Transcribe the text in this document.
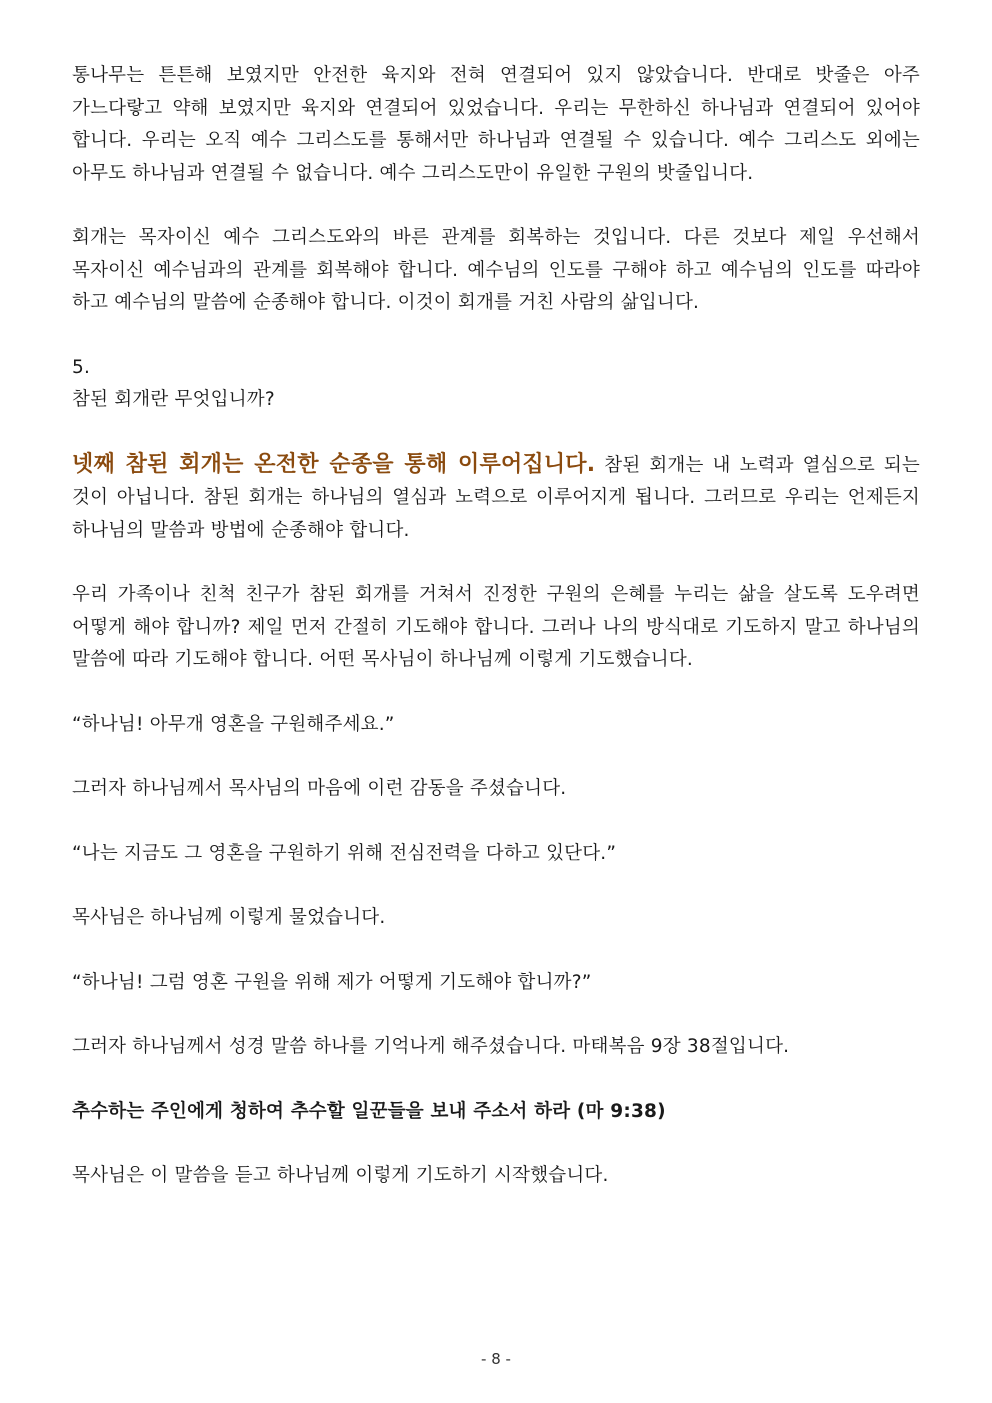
통나무는 튼튼해 보였지만 안전한 육지와 전혀 연결되어 있지 않았습니다. 반대로 밧줄은 아주 가느다랗고 약해 보였지만 육지와 연결되어 있었습니다. 우리는 무한하신 하나님과 연결되어 있어야 합니다. 우리는 오직 예수 그리스도를 통해서만 하나님과 연결될 수 있습니다. 예수 그리스도 외에는 아무도 하나님과 연결될 수 없습니다. 예수 그리스도만이 유일한 구원의 밧줄입니다.

회개는 목자이신 예수 그리스도와의 바른 관계를 회복하는 것입니다. 다른 것보다 제일 우선해서 목자이신 예수님과의 관계를 회복해야 합니다. 예수님의 인도를 구해야 하고 예수님의 인도를 따라야 하고 예수님의 말씀에 순종해야 합니다. 이것이 회개를 거친 사람의 삶입니다.

5.

참된 회개란 무엇입니까?

넷째 참된 회개는 온전한 순종을 통해 이루어집니다. 참된 회개는 내 노력과 열심으로 되는 것이 아닙니다. 참된 회개는 하나님의 열심과 노력으로 이루어지게 됩니다. 그러므로 우리는 언제든지 하나님의 말씀과 방법에 순종해야 합니다.

우리 가족이나 친척 친구가 참된 회개를 거쳐서 진정한 구원의 은혜를 누리는 삶을 살도록 도우려면 어떻게 해야 합니까? 제일 먼저 간절히 기도해야 합니다. 그러나 나의 방식대로 기도하지 말고 하나님의 말씀에 따라 기도해야 합니다. 어떤 목사님이 하나님께 이렇게 기도했습니다.

“하나님! 아무개 영혼을 구원해주세요.”

그러자 하나님께서 목사님의 마음에 이런 감동을 주셨습니다.

“나는 지금도 그 영혼을 구원하기 위해 전심전력을 다하고 있단다.”

목사님은 하나님께 이렇게 물었습니다.

“하나님! 그럼 영혼 구원을 위해 제가 어떻게 기도해야 합니까?”

그러자 하나님께서 성경 말씀 하나를 기억나게 해주셨습니다. 마태복음 9장 38절입니다.

추수하는 주인에게 청하여 추수할 일꾼들을 보내 주소서 하라 (마 9:38)

목사님은 이 말씀을 듣고 하나님께 이렇게 기도하기 시작했습니다.

- 8 -
